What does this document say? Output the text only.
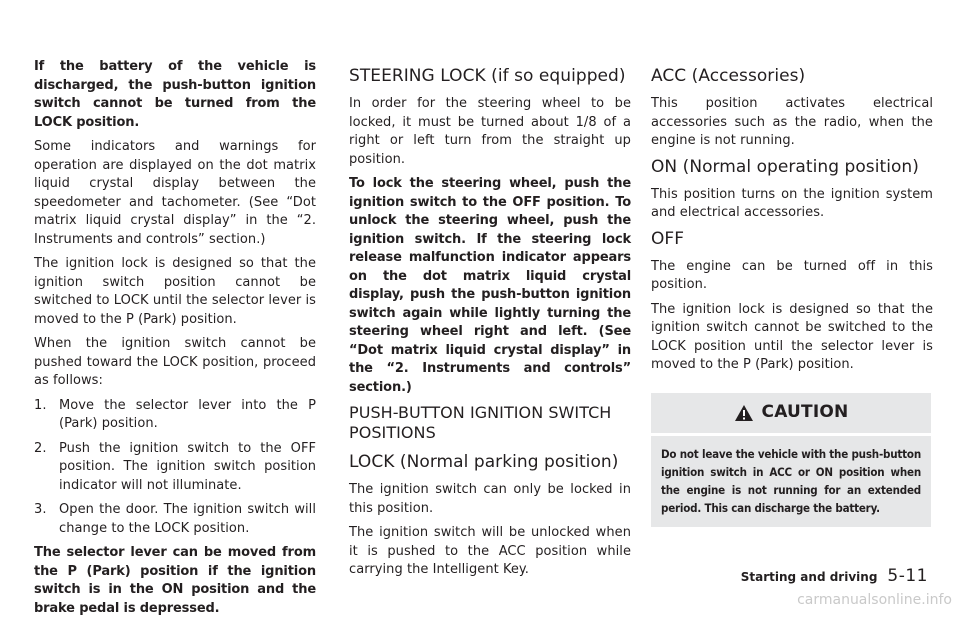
If the battery of the vehicle is discharged, the push-button ignition switch cannot be turned from the LOCK position.

Some indicators and warnings for operation are displayed on the dot matrix liquid crystal display between the speedometer and tachometer. (See “Dot matrix liquid crystal display” in the “2. Instruments and controls” section.)

The ignition lock is designed so that the ignition switch position cannot be switched to LOCK until the selector lever is moved to the P (Park) position.

When the ignition switch cannot be pushed toward the LOCK position, proceed as follows:

1. Move the selector lever into the P (Park) position.
2. Push the ignition switch to the OFF position. The ignition switch position indicator will not illuminate.
3. Open the door. The ignition switch will change to the LOCK position.

The selector lever can be moved from the P (Park) position if the ignition switch is in the ON position and the brake pedal is depressed.

STEERING LOCK (if so equipped)

In order for the steering wheel to be locked, it must be turned about 1/8 of a right or left turn from the straight up position.

To lock the steering wheel, push the ignition switch to the OFF position. To unlock the steering wheel, push the ignition switch. If the steering lock release malfunction indicator appears on the dot matrix liquid crystal display, push the push-button ignition switch again while lightly turning the steering wheel right and left. (See “Dot matrix liquid crystal display” in the “2. Instruments and controls” section.)

PUSH-BUTTON IGNITION SWITCH POSITIONS
LOCK (Normal parking position)

The ignition switch can only be locked in this position.

The ignition switch will be unlocked when it is pushed to the ACC position while carrying the Intelligent Key.

ACC (Accessories)

This position activates electrical accessories such as the radio, when the engine is not running.

ON (Normal operating position)

This position turns on the ignition system and electrical accessories.

OFF

The engine can be turned off in this position.

The ignition lock is designed so that the ignition switch cannot be switched to the LOCK position until the selector lever is moved to the P (Park) position.

CAUTION
Do not leave the vehicle with the push-button ignition switch in ACC or ON position when the engine is not running for an extended period. This can discharge the battery.
Starting and driving 5-11
carmanualsonline.info
